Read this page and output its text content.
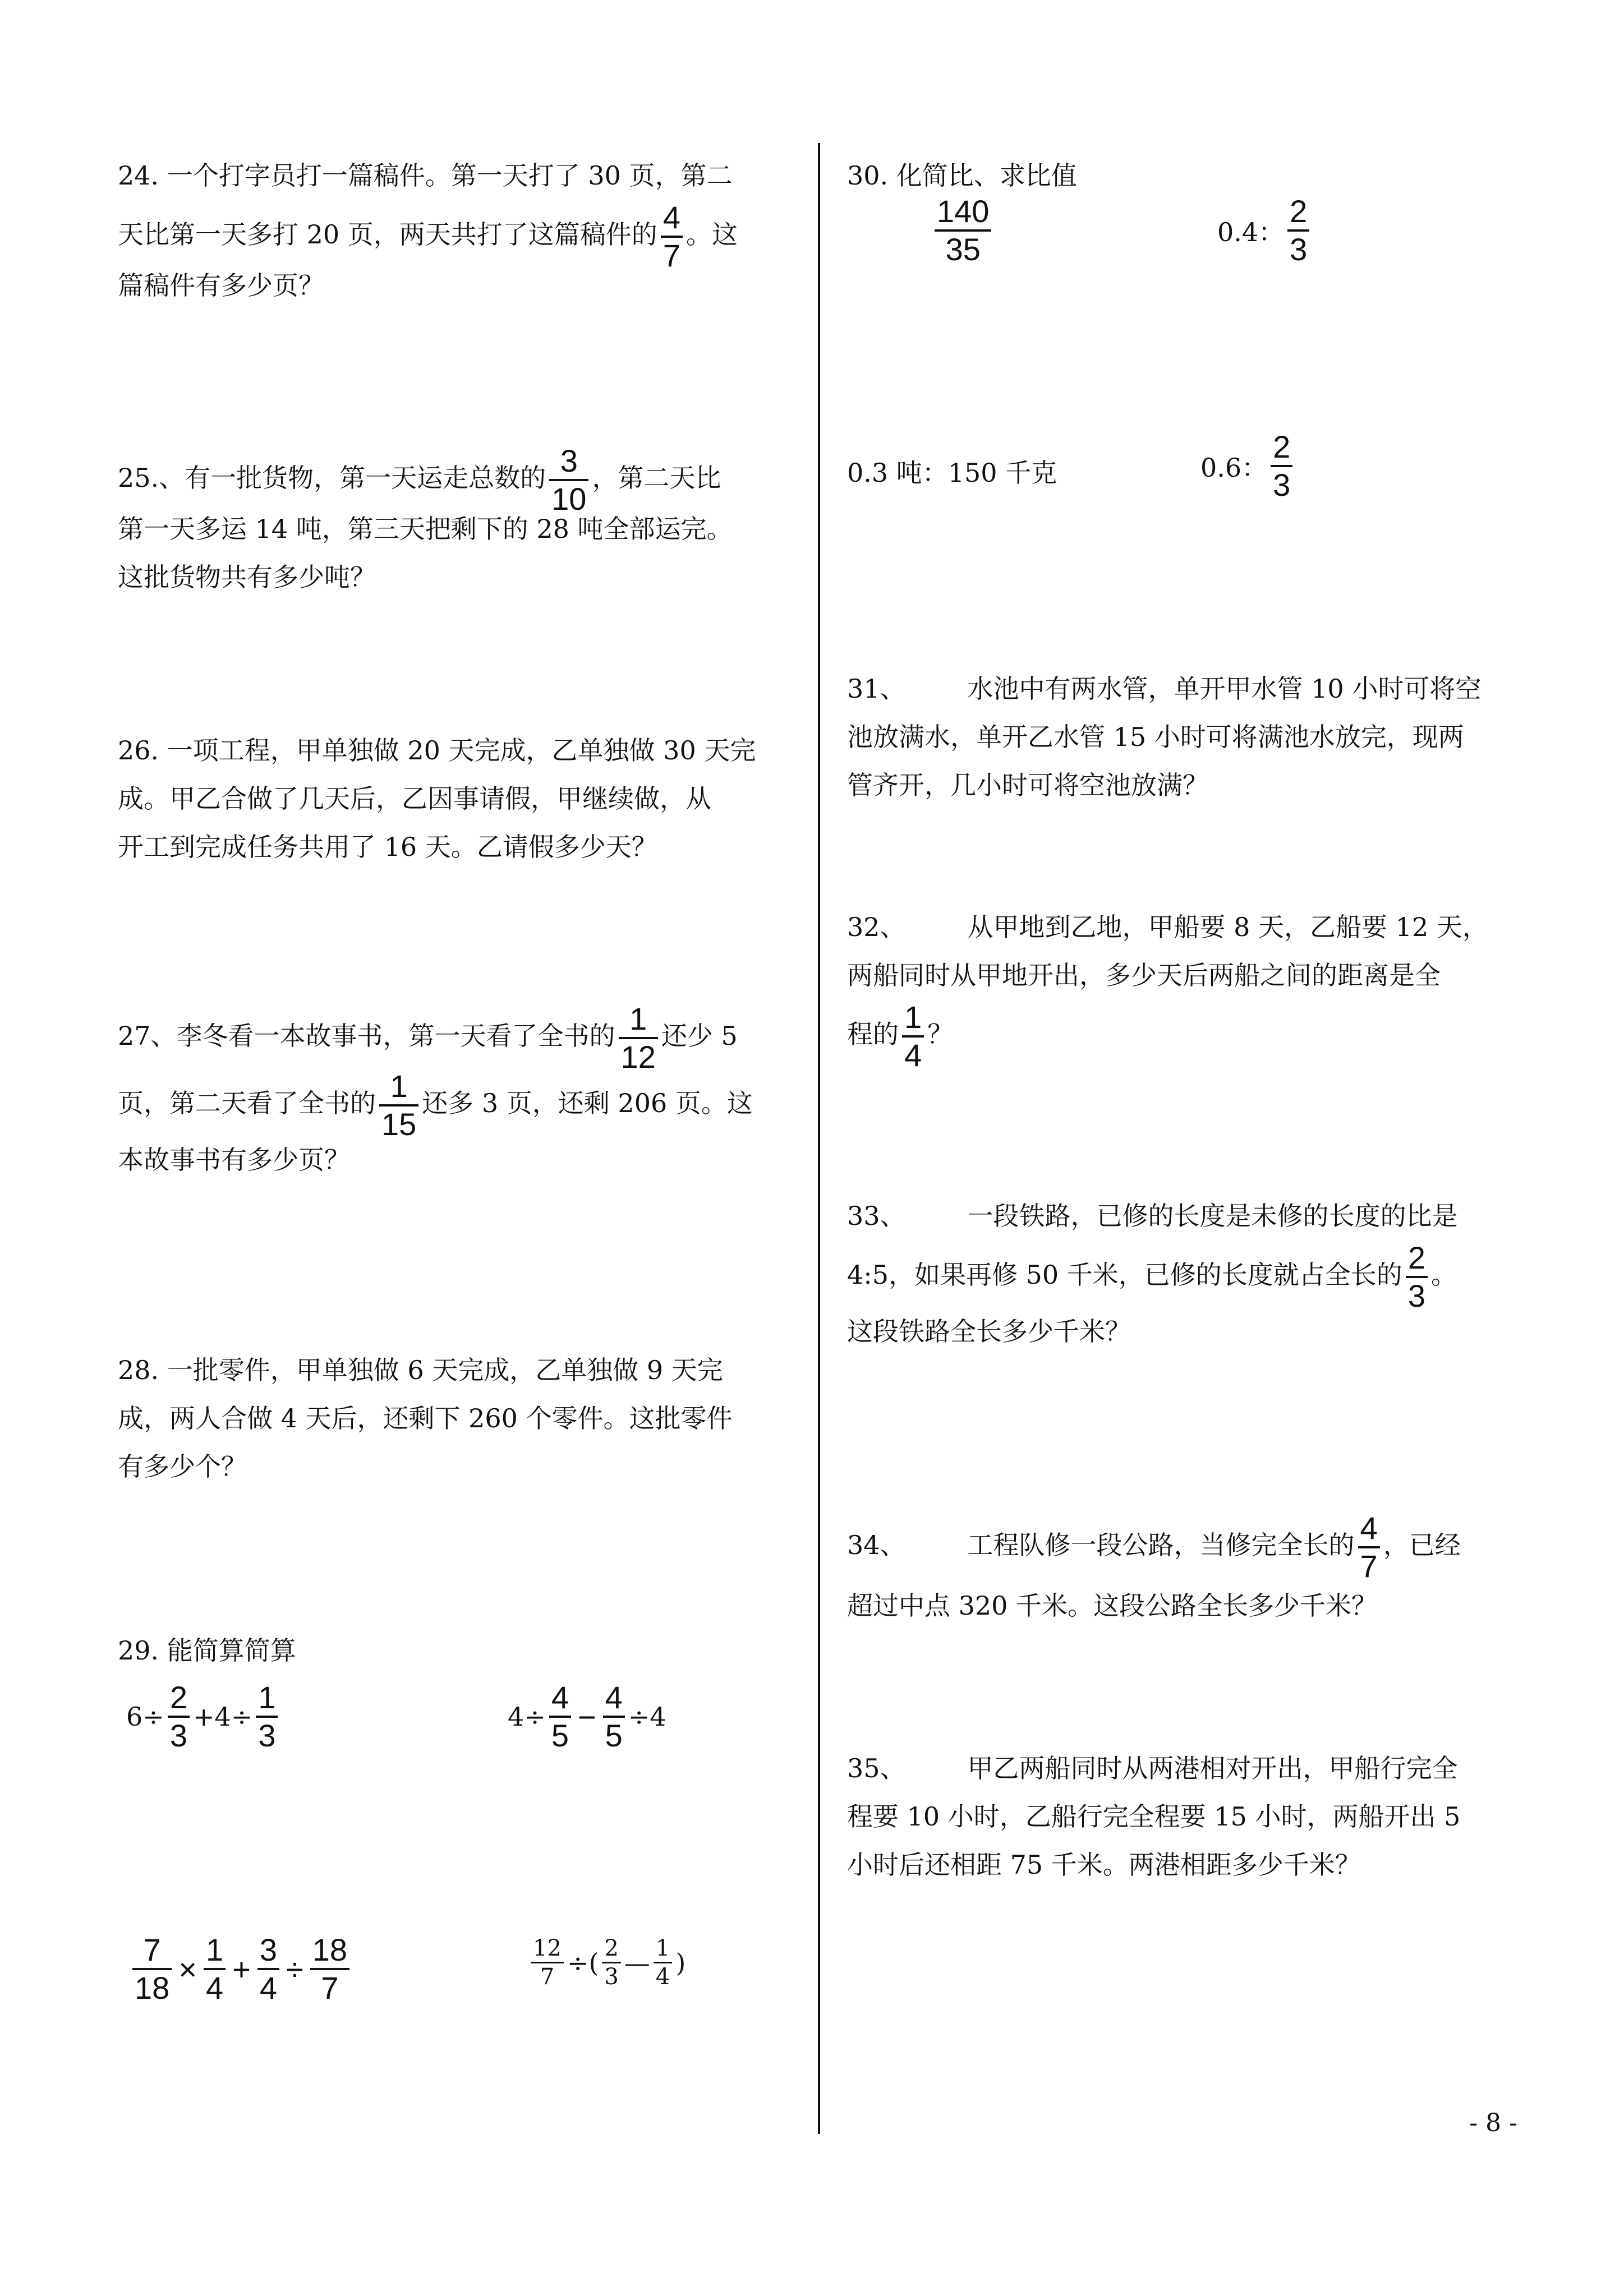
24. 一个打字员打一篇稿件。第一天打了 30 页，第二
天比第一天多打 20 页，两天共打了这篇稿件的 $\frac{4}{7}$ 。这
篇稿件有多少页？
25.、有一批货物，第一天运走总数的 $\frac{3}{10}$ ，第二天比
第一天多运 14 吨，第三天把剩下的 28 吨全部运完。
这批货物共有多少吨？
26. 一项工程，甲单独做 20 天完成，乙单独做 30 天完
成。甲乙合做了几天后，乙因事请假，甲继续做，从
开工到完成任务共用了 16 天。乙请假多少天？
27、李冬看一本故事书，第一天看了全书的 $\frac{1}{12}$ 还少 5
页，第二天看了全书的 $\frac{1}{15}$ 还多 3 页，还剩 206 页。这
本故事书有多少页？
28. 一批零件，甲单独做 6 天完成，乙单独做 9 天完
成，两人合做 4 天后，还剩下 260 个零件。这批零件
有多少个？
29. 能简算简算
$6\div \frac{2}{3} +4\div \frac{1}{3}$	$4\div \frac{4}{5} - \frac{4}{5} \div 4$
$\frac{7}{18} \times \frac{1}{4} + \frac{3}{4} \div \frac{18}{7}$	$\frac{12}{7}$ ÷( $\frac{2}{3}$ — $\frac{1}{4}$ )
30. 化简比、求比值
$\frac{140}{35}$	0.4： $\frac{2}{3}$
0.3 吨：150 千克	0.6： $\frac{2}{3}$
31、 水池中有两水管，单开甲水管 10 小时可将空
池放满水，单开乙水管 15 小时可将满池水放完，现两
管齐开，几小时可将空池放满？
32、 从甲地到乙地，甲船要 8 天，乙船要 12 天，
两船同时从甲地开出，多少天后两船之间的距离是全
程的 $\frac{1}{4}$ ？
33、 一段铁路，已修的长度是未修的长度的比是
4:5，如果再修 50 千米，已修的长度就占全长的 $\frac{2}{3}$ 。
这段铁路全长多少千米？
34、 工程队修一段公路，当修完全长的 $\frac{4}{7}$ ，已经
超过中点 320 千米。这段公路全长多少千米？
35、 甲乙两船同时从两港相对开出，甲船行完全
程要 10 小时，乙船行完全程要 15 小时，两船开出 5
小时后还相距 75 千米。两港相距多少千米？
- 8 -
